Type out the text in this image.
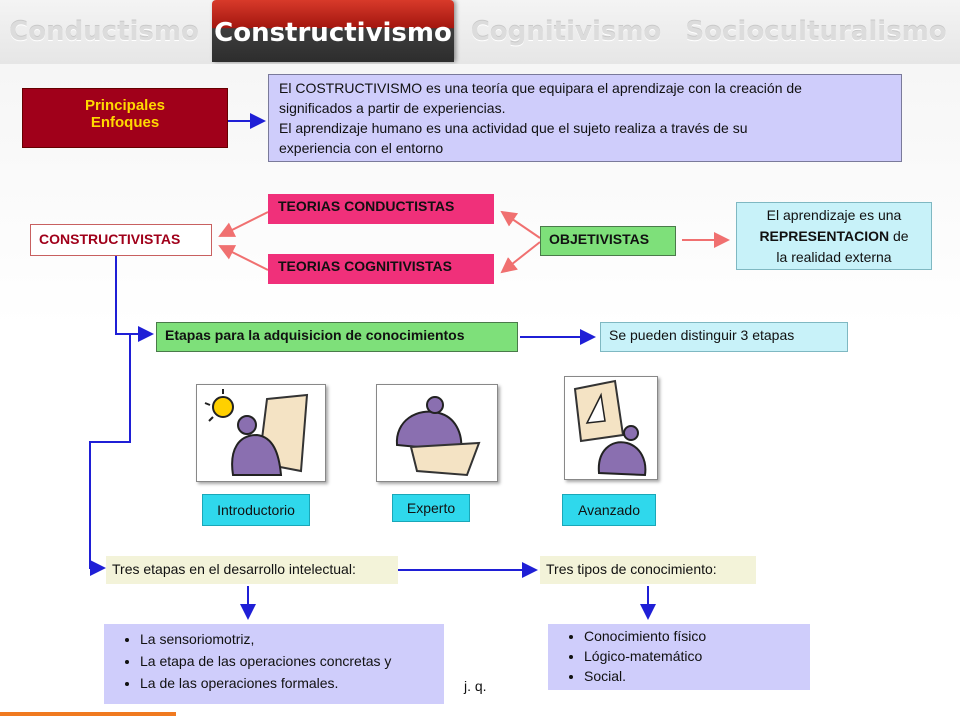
Conductismo Constructivismo Cognitivismo Socioculturalismo
Principales
Enfoques
El COSTRUCTIVISMO es una teoría que equipara el aprendizaje con la creación de
significados a partir de experiencias.
El aprendizaje humano es una actividad que el sujeto realiza a través de su
experiencia con el entorno
CONSTRUCTIVISTAS
TEORIAS CONDUCTISTAS
TEORIAS COGNITIVISTAS
OBJETIVISTAS
El aprendizaje es una
REPRESENTACION de
la realidad externa
Etapas para la adquisicion de conocimientos	Se pueden distinguir 3 etapas
Introductorio	Experto	Avanzado
Tres etapas en el desarrollo intelectual:	Tres tipos de conocimiento:
• La sensoriomotriz,
• La etapa de las operaciones concretas y
• La de las operaciones formales.
• Conocimiento físico
• Lógico-matemático
• Social.
j. q.
